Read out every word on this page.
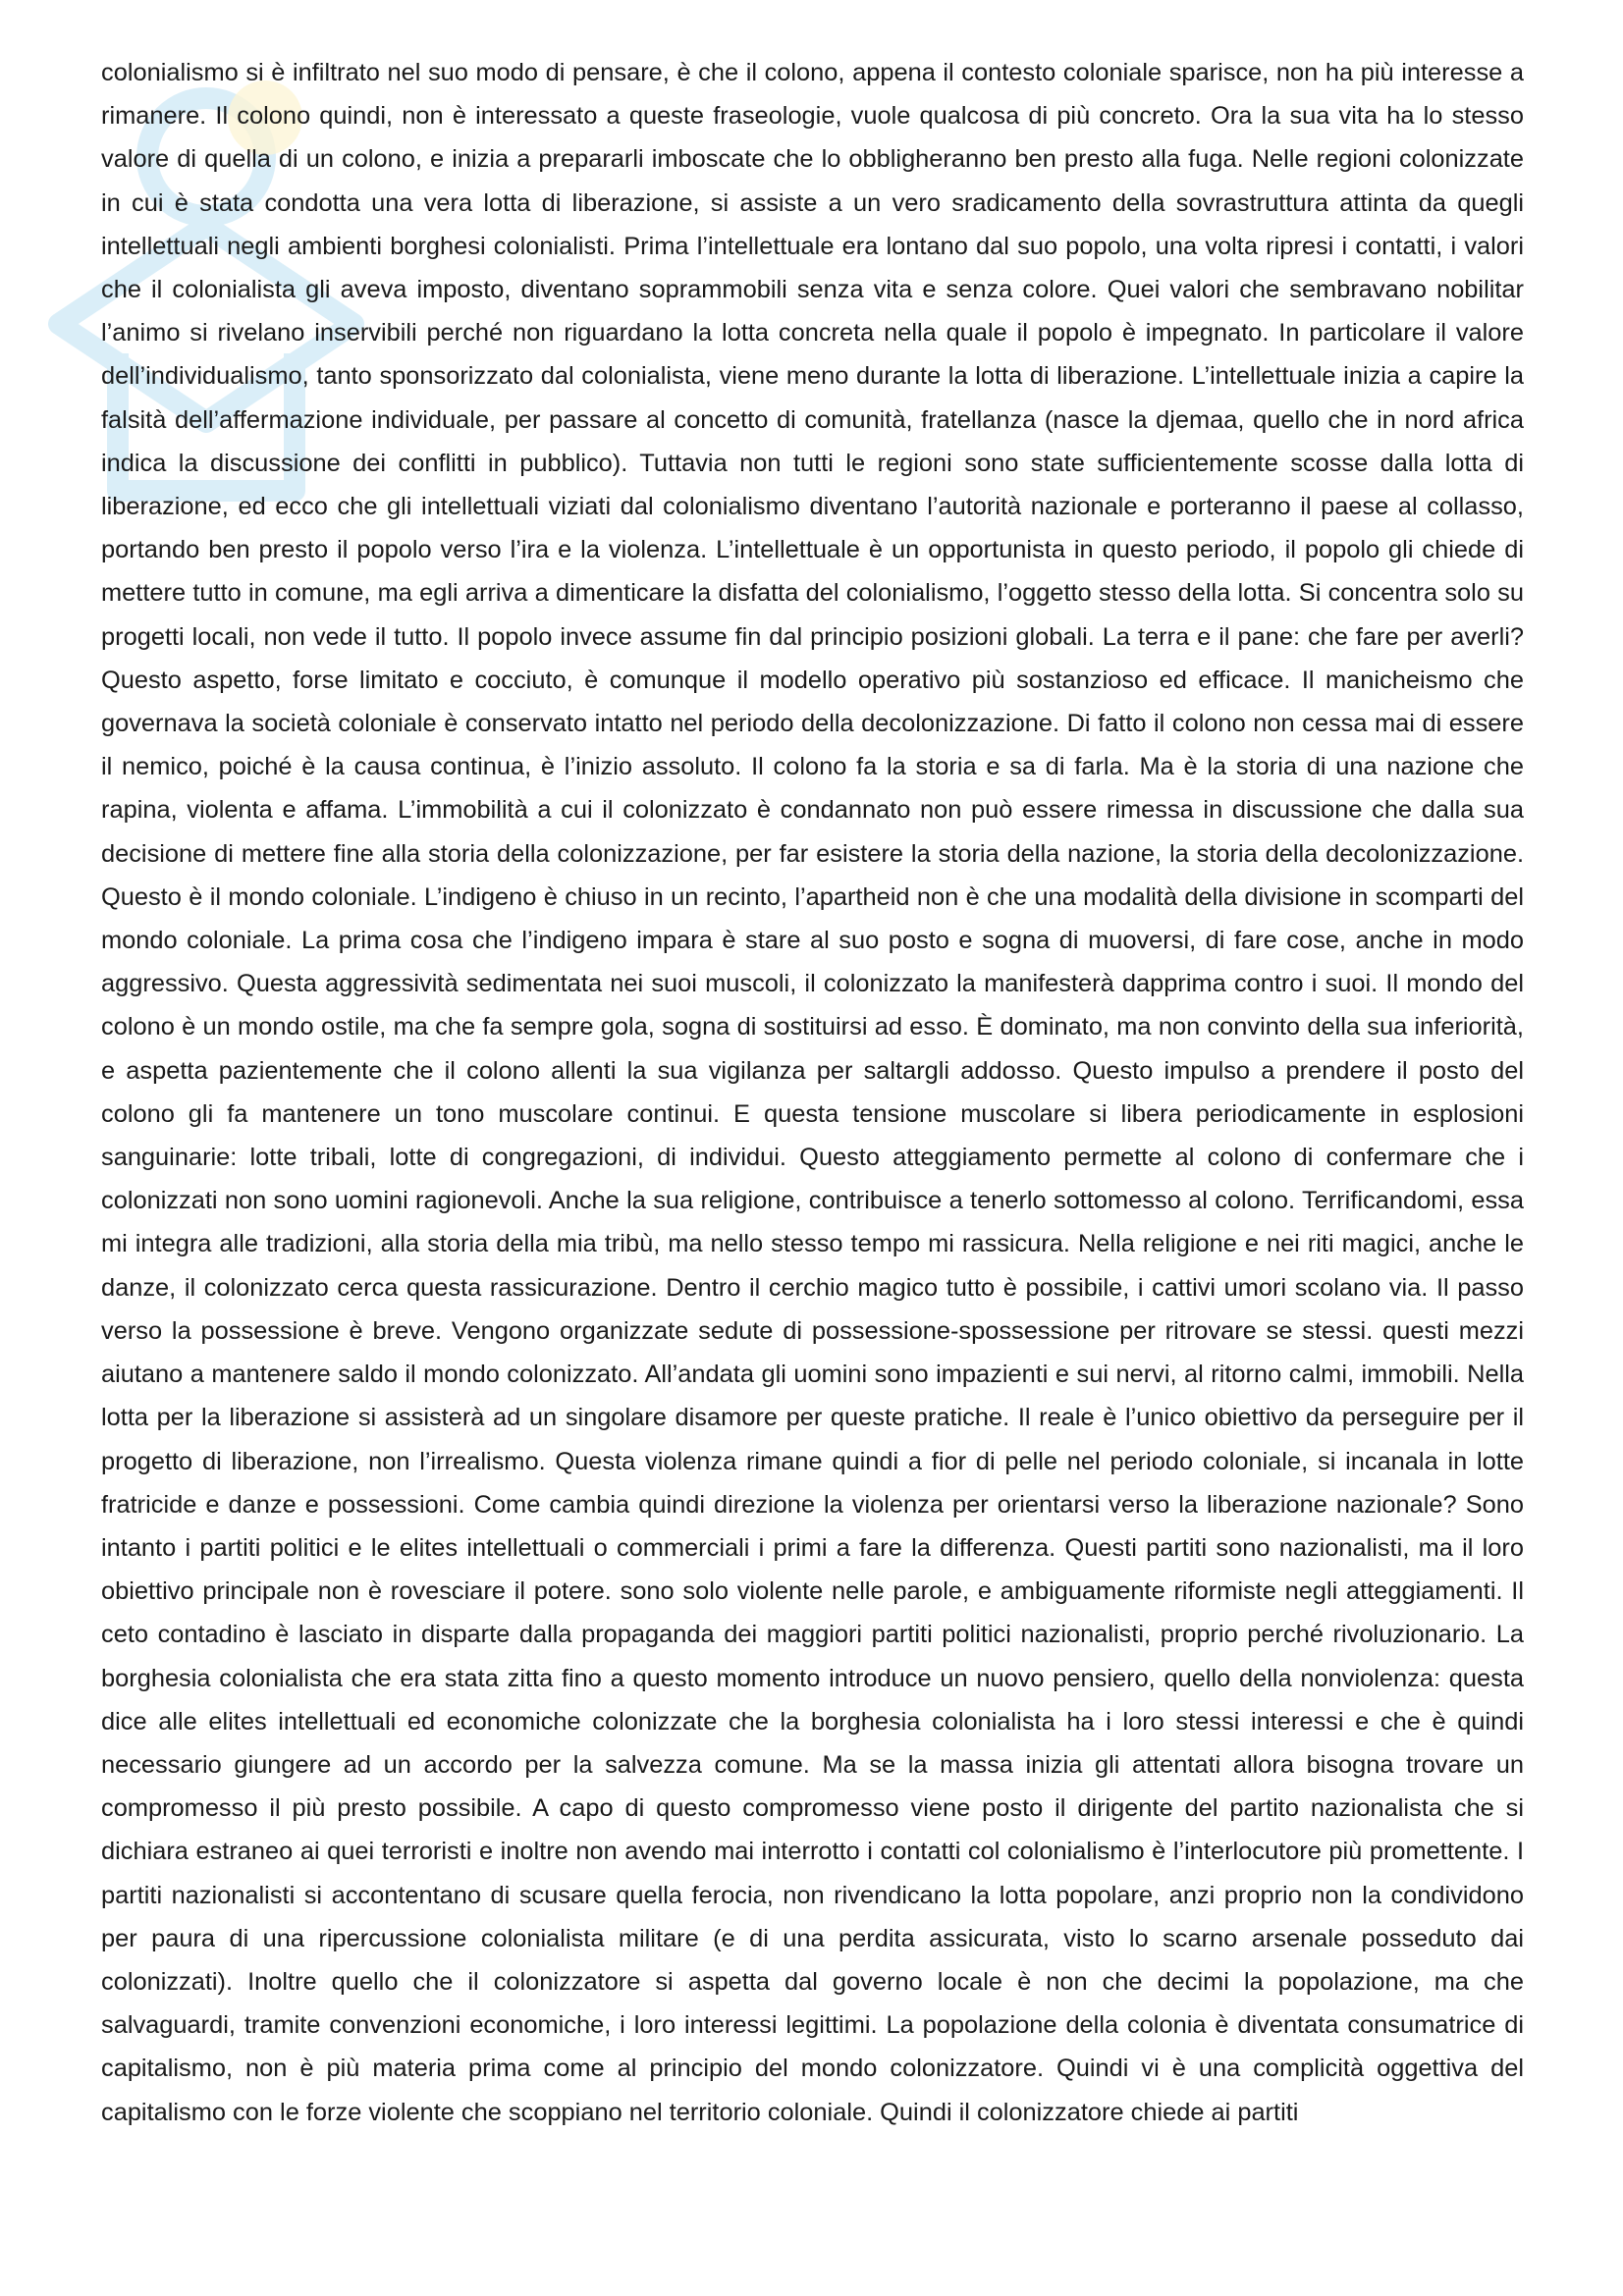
colonialismo si è infiltrato nel suo modo di pensare, è che il colono, appena il contesto coloniale sparisce, non ha più interesse a rimanere. Il colono quindi, non è interessato a queste fraseologie, vuole qualcosa di più concreto. Ora la sua vita ha lo stesso valore di quella di un colono, e inizia a prepararli imboscate che lo obbligheranno ben presto alla fuga. Nelle regioni colonizzate in cui è stata condotta una vera lotta di liberazione, si assiste a un vero sradicamento della sovrastruttura attinta da quegli intellettuali negli ambienti borghesi colonialisti. Prima l’intellettuale era lontano dal suo popolo, una volta ripresi i contatti, i valori che il colonialista gli aveva imposto, diventano soprammobili senza vita e senza colore. Quei valori che sembravano nobilitar l’animo si rivelano inservibili perché non riguardano la lotta concreta nella quale il popolo è impegnato. In particolare il valore dell’individualismo, tanto sponsorizzato dal colonialista, viene meno durante la lotta di liberazione. L’intellettuale inizia a capire la falsità dell’affermazione individuale, per passare al concetto di comunità, fratellanza (nasce la djemaa, quello che in nord africa indica la discussione dei conflitti in pubblico). Tuttavia non tutti le regioni sono state sufficientemente scosse dalla lotta di liberazione, ed ecco che gli intellettuali viziati dal colonialismo diventano l’autorità nazionale e porteranno il paese al collasso, portando ben presto il popolo verso l’ira e la violenza. L’intellettuale è un opportunista in questo periodo, il popolo gli chiede di mettere tutto in comune, ma egli arriva a dimenticare la disfatta del colonialismo, l’oggetto stesso della lotta. Si concentra solo su progetti locali, non vede il tutto. Il popolo invece assume fin dal principio posizioni globali. La terra e il pane: che fare per averli? Questo aspetto, forse limitato e cocciuto, è comunque il modello operativo più sostanzioso ed efficace. Il manicheismo che governava la società coloniale è conservato intatto nel periodo della decolonizzazione. Di fatto il colono non cessa mai di essere il nemico, poiché è la causa continua, è l’inizio assoluto. Il colono fa la storia e sa di farla. Ma è la storia di una nazione che rapina, violenta e affama. L’immobilità a cui il colonizzato è condannato non può essere rimessa in discussione che dalla sua decisione di mettere fine alla storia della colonizzazione, per far esistere la storia della nazione, la storia della decolonizzazione. Questo è il mondo coloniale. L’indigeno è chiuso in un recinto, l’apartheid non è che una modalità della divisione in scomparti del mondo coloniale. La prima cosa che l’indigeno impara è stare al suo posto e sogna di muoversi, di fare cose, anche in modo aggressivo. Questa aggressività sedimentata nei suoi muscoli, il colonizzato la manifesterà dapprima contro i suoi. Il mondo del colono è un mondo ostile, ma che fa sempre gola, sogna di sostituirsi ad esso. È dominato, ma non convinto della sua inferiorità, e aspetta pazientemente che il colono allenti la sua vigilanza per saltargli addosso. Questo impulso a prendere il posto del colono gli fa mantenere un tono muscolare continui. E questa tensione muscolare si libera periodicamente in esplosioni sanguinarie: lotte tribali, lotte di congregazioni, di individui. Questo atteggiamento permette al colono di confermare che i colonizzati non sono uomini ragionevoli. Anche la sua religione, contribuisce a tenerlo sottomesso al colono. Terrificandomi, essa mi integra alle tradizioni, alla storia della mia tribù, ma nello stesso tempo mi rassicura. Nella religione e nei riti magici, anche le danze, il colonizzato cerca questa rassicurazione. Dentro il cerchio magico tutto è possibile, i cattivi umori scolano via. Il passo verso la possessione è breve. Vengono organizzate sedute di possessione-spossessione per ritrovare se stessi. questi mezzi aiutano a mantenere saldo il mondo colonizzato. All’andata gli uomini sono impazienti e sui nervi, al ritorno calmi, immobili. Nella lotta per la liberazione si assisterà ad un singolare disamore per queste pratiche. Il reale è l’unico obiettivo da perseguire per il progetto di liberazione, non l’irrealismo. Questa violenza rimane quindi a fior di pelle nel periodo coloniale, si incanala in lotte fratricide e danze e possessioni. Come cambia quindi direzione la violenza per orientarsi verso la liberazione nazionale? Sono intanto i partiti politici e le elites intellettuali o commerciali i primi a fare la differenza. Questi partiti sono nazionalisti, ma il loro obiettivo principale non è rovesciare il potere. sono solo violente nelle parole, e ambiguamente riformiste negli atteggiamenti. Il ceto contadino è lasciato in disparte dalla propaganda dei maggiori partiti politici nazionalisti, proprio perché rivoluzionario. La borghesia colonialista che era stata zitta fino a questo momento introduce un nuovo pensiero, quello della nonviolenza: questa dice alle elites intellettuali ed economiche colonizzate che la borghesia colonialista ha i loro stessi interessi e che è quindi necessario giungere ad un accordo per la salvezza comune. Ma se la massa inizia gli attentati allora bisogna trovare un compromesso il più presto possibile. A capo di questo compromesso viene posto il dirigente del partito nazionalista che si dichiara estraneo ai quei terroristi e inoltre non avendo mai interrotto i contatti col colonialismo è l’interlocutore più promettente. I partiti nazionalisti si accontentano di scusare quella ferocia, non rivendicano la lotta popolare, anzi proprio non la condividono per paura di una ripercussione colonialista militare (e di una perdita assicurata, visto lo scarno arsenale posseduto dai colonizzati). Inoltre quello che il colonizzatore si aspetta dal governo locale è non che decimi la popolazione, ma che salvaguardi, tramite convenzioni economiche, i loro interessi legittimi. La popolazione della colonia è diventata consumatrice di capitalismo, non è più materia prima come al principio del mondo colonizzatore. Quindi vi è una complicità oggettiva del capitalismo con le forze violente che scoppiano nel territorio coloniale. Quindi il colonizzatore chiede ai partiti
